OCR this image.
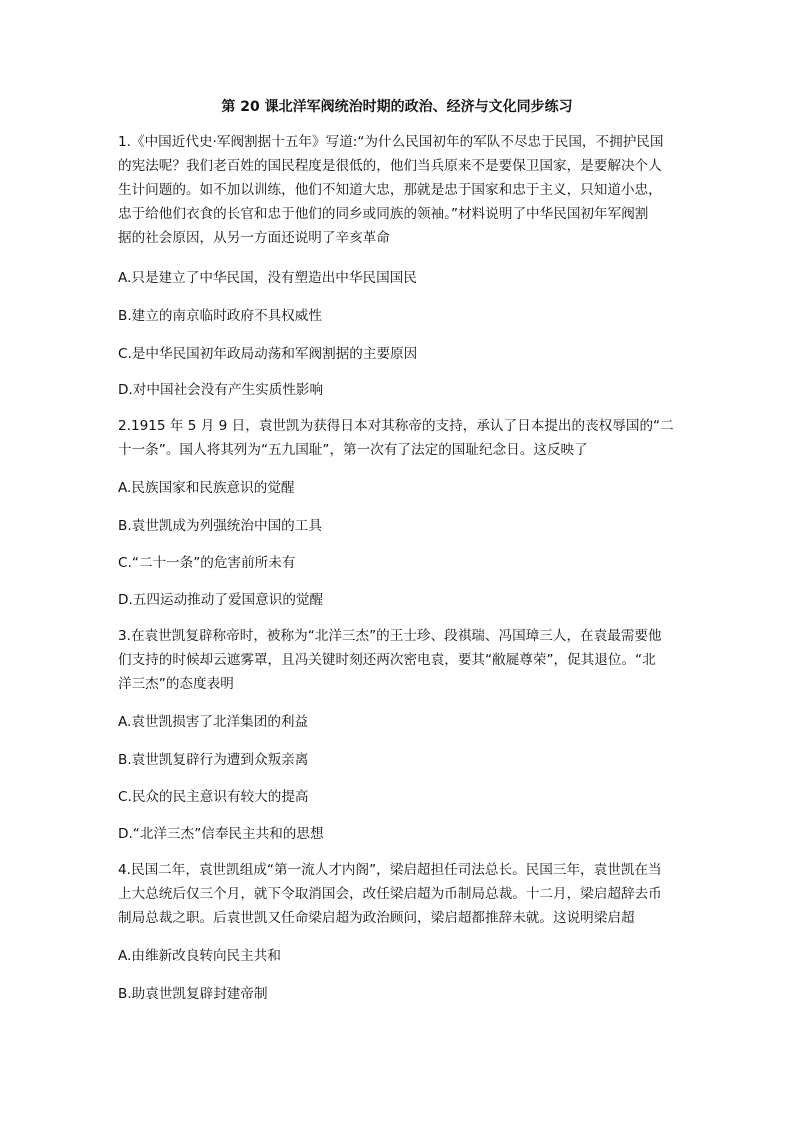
第 20 课北洋军阀统治时期的政治、经济与文化同步练习
1.《中国近代史·军阀割据十五年》写道:“为什么民国初年的军队不尽忠于民国，不拥护民国
的宪法呢？我们老百姓的国民程度是很低的，他们当兵原来不是要保卫国家，是要解决个人
生计问题的。如不加以训练，他们不知道大忠，那就是忠于国家和忠于主义，只知道小忠，
忠于给他们衣食的长官和忠于他们的同乡或同族的领袖。”材料说明了中华民国初年军阀割
据的社会原因，从另一方面还说明了辛亥革命
A.只是建立了中华民国，没有塑造出中华民国国民
B.建立的南京临时政府不具权威性
C.是中华民国初年政局动荡和军阀割据的主要原因
D.对中国社会没有产生实质性影响
2.1915 年 5 月 9 日，袁世凯为获得日本对其称帝的支持，承认了日本提出的丧权辱国的“二
十一条”。国人将其列为“五九国耻”，第一次有了法定的国耻纪念日。这反映了
A.民族国家和民族意识的觉醒
B.袁世凯成为列强统治中国的工具
C.“二十一条”的危害前所未有
D.五四运动推动了爱国意识的觉醒
3.在袁世凯复辟称帝时，被称为“北洋三杰”的王士珍、段祺瑞、冯国璋三人，在袁最需要他
们支持的时候却云遮雾罩，且冯关键时刻还两次密电袁，要其“敝屣尊荣”，促其退位。“北
洋三杰”的态度表明
A.袁世凯损害了北洋集团的利益
B.袁世凯复辟行为遭到众叛亲离
C.民众的民主意识有较大的提高
D.“北洋三杰”信奉民主共和的思想
4.民国二年，袁世凯组成“第一流人才内阁”，梁启超担任司法总长。民国三年，袁世凯在当
上大总统后仅三个月，就下令取消国会，改任梁启超为币制局总裁。十二月，梁启超辞去币
制局总裁之职。后袁世凯又任命梁启超为政治顾问，梁启超都推辞未就。这说明梁启超
A.由维新改良转向民主共和
B.助袁世凯复辟封建帝制
